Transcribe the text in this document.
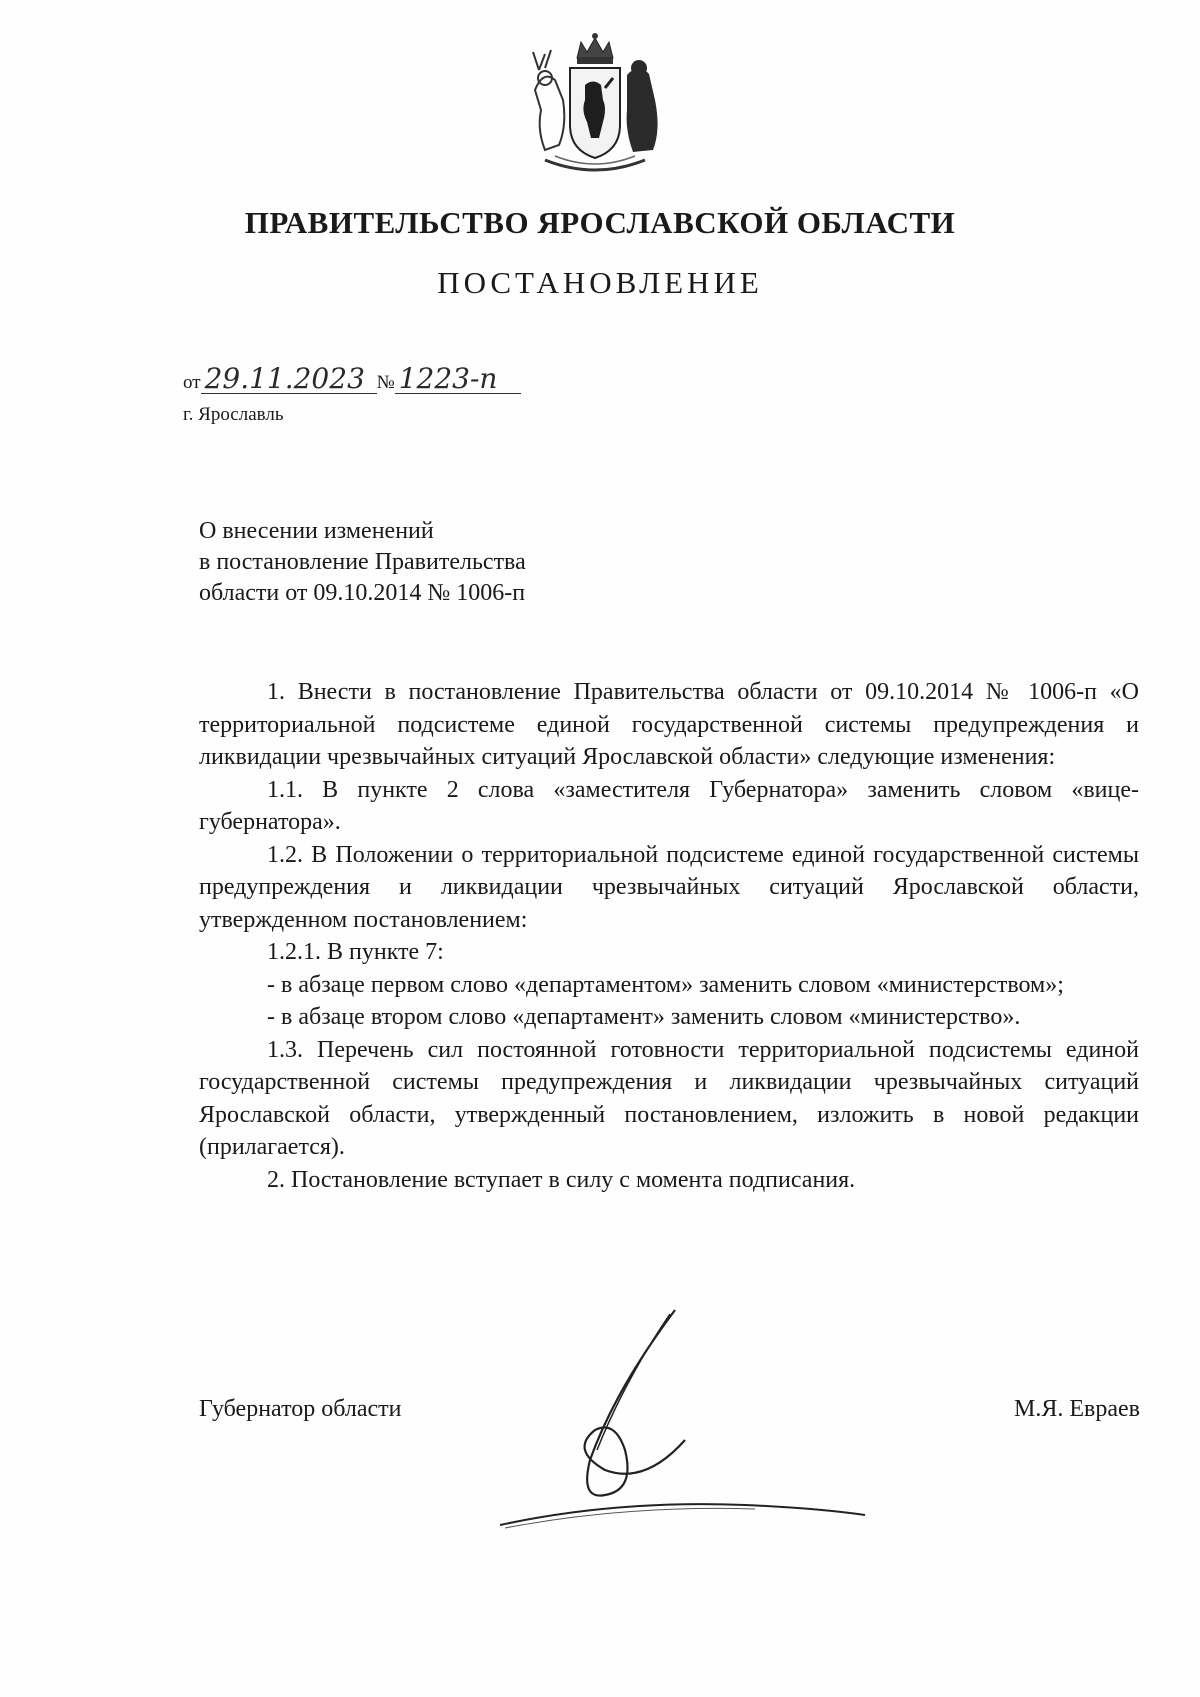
ПРАВИТЕЛЬСТВО ЯРОСЛАВСКОЙ ОБЛАСТИ
ПОСТАНОВЛЕНИЕ
от 29.11.2023 № 1223-п
г. Ярославль
О внесении изменений
в постановление Правительства
области от 09.10.2014 № 1006-п

1. Внести в постановление Правительства области от 09.10.2014 № 1006-п «О территориальной подсистеме единой государственной системы предупреждения и ликвидации чрезвычайных ситуаций Ярославской области» следующие изменения:

1.1. В пункте 2 слова «заместителя Губернатора» заменить словом «вице-губернатора».

1.2. В Положении о территориальной подсистеме единой государственной системы предупреждения и ликвидации чрезвычайных ситуаций Ярославской области, утвержденном постановлением:

1.2.1. В пункте 7:

- в абзаце первом слово «департаментом» заменить словом «министерством»;

- в абзаце втором слово «департамент» заменить словом «министерство».

1.3. Перечень сил постоянной готовности территориальной подсистемы единой государственной системы предупреждения и ликвидации чрезвычайных ситуаций Ярославской области, утвержденный постановлением, изложить в новой редакции (прилагается).

2. Постановление вступает в силу с момента подписания.

Губернатор области	М.Я. Евраев
